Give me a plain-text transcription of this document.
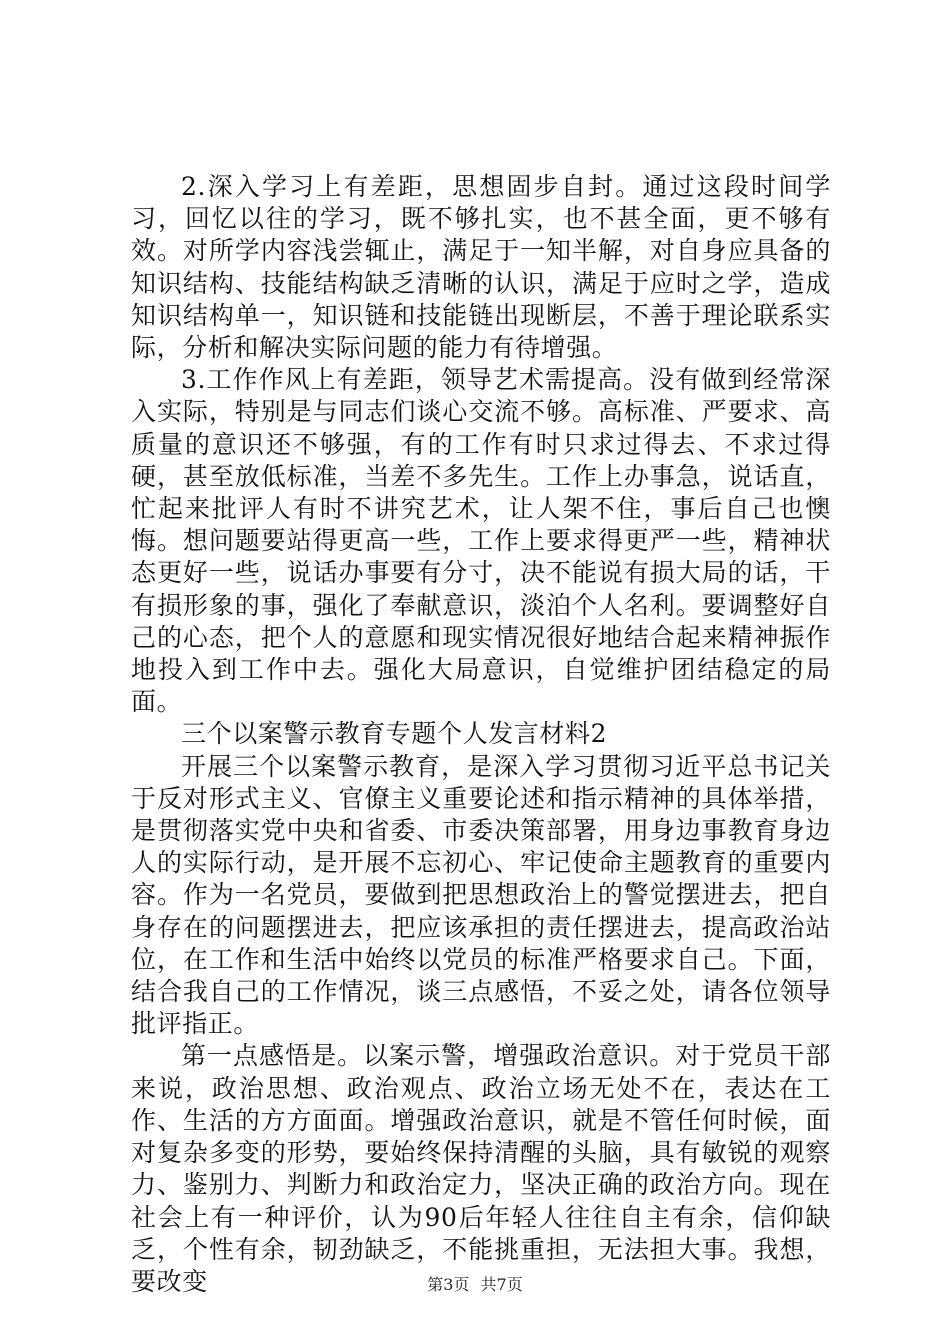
2.深入学习上有差距，思想固步自封。通过这段时间学习，回忆以往的学习，既不够扎实，也不甚全面，更不够有效。对所学内容浅尝辄止，满足于一知半解，对自身应具备的知识结构、技能结构缺乏清晰的认识，满足于应时之学，造成知识结构单一，知识链和技能链出现断层，不善于理论联系实际，分析和解决实际问题的能力有待增强。

3.工作作风上有差距，领导艺术需提高。没有做到经常深入实际，特别是与同志们谈心交流不够。高标准、严要求、高质量的意识还不够强，有的工作有时只求过得去、不求过得硬，甚至放低标准，当差不多先生。工作上办事急，说话直，忙起来批评人有时不讲究艺术，让人架不住，事后自己也懊悔。想问题要站得更高一些，工作上要求得更严一些，精神状态更好一些，说话办事要有分寸，决不能说有损大局的话，干有损形象的事，强化了奉献意识，淡泊个人名利。要调整好自己的心态，把个人的意愿和现实情况很好地结合起来精神振作地投入到工作中去。强化大局意识，自觉维护团结稳定的局面。

三个以案警示教育专题个人发言材料2

开展三个以案警示教育，是深入学习贯彻习近平总书记关于反对形式主义、官僚主义重要论述和指示精神的具体举措，是贯彻落实党中央和省委、市委决策部署，用身边事教育身边人的实际行动，是开展不忘初心、牢记使命主题教育的重要内容。作为一名党员，要做到把思想政治上的警觉摆进去，把自身存在的问题摆进去，把应该承担的责任摆进去，提高政治站位，在工作和生活中始终以党员的标准严格要求自己。下面，结合我自己的工作情况，谈三点感悟，不妥之处，请各位领导批评指正。

第一点感悟是。以案示警，增强政治意识。对于党员干部来说，政治思想、政治观点、政治立场无处不在，表达在工作、生活的方方面面。增强政治意识，就是不管任何时候，面对复杂多变的形势，要始终保持清醒的头脑，具有敏锐的观察力、鉴别力、判断力和政治定力，坚决正确的政治方向。现在社会上有一种评价，认为90后年轻人往往自主有余，信仰缺乏，个性有余，韧劲缺乏，不能挑重担，无法担大事。我想，要改变	第3页 共7页
